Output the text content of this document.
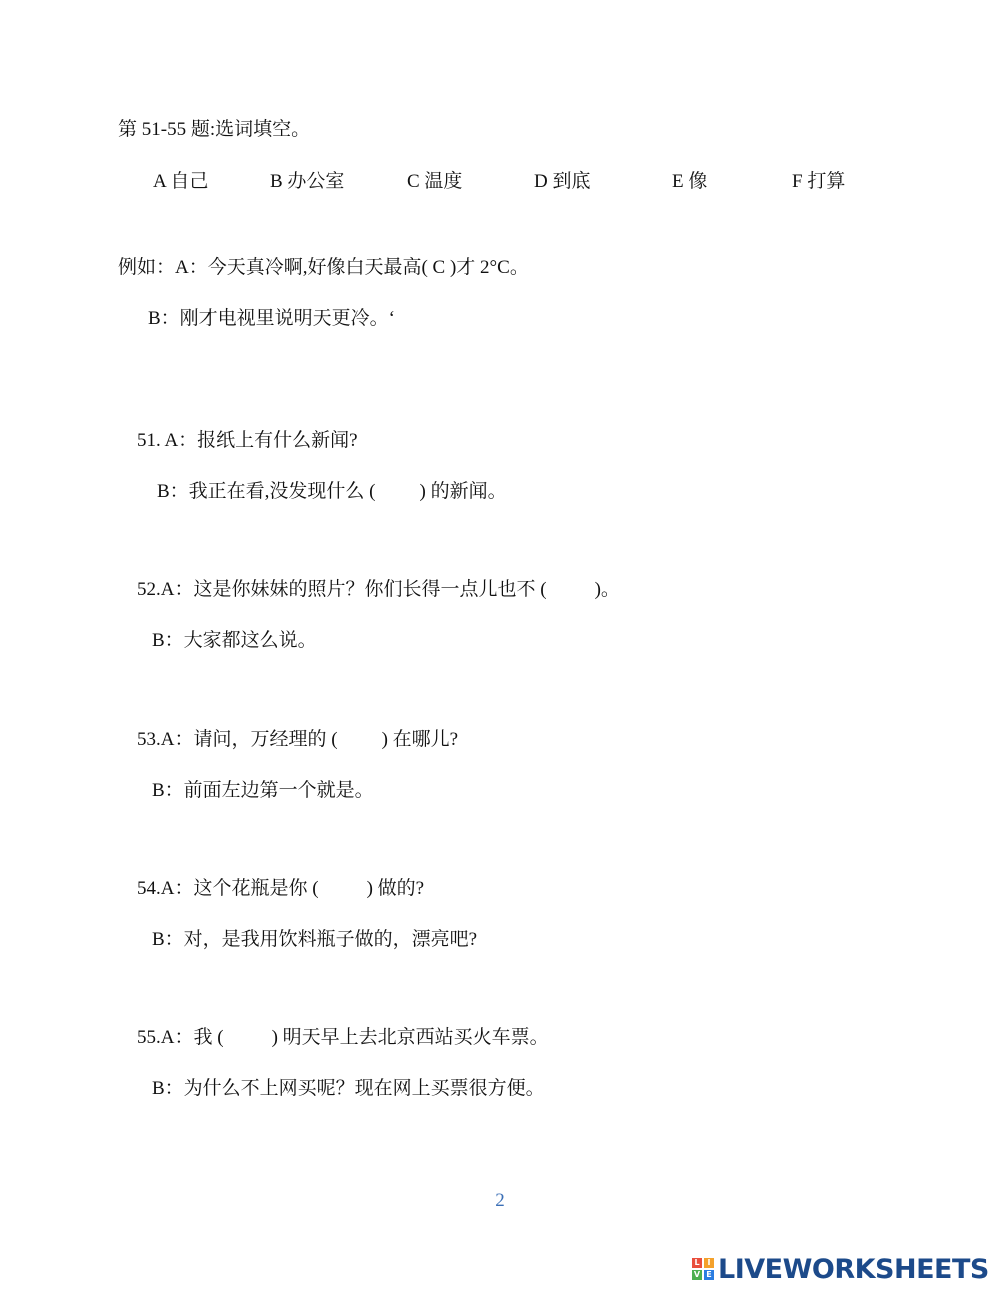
第 51-55 题:选词填空。
A 自己	B 办公室	C 温度	D 到底	E 像	F 打算
例如：A：今天真冷啊,好像白天最高( C )才 2°C。
B：刚才电视里说明天更冷。‘

51. A：报纸上有什么新闻?

B：我正在看,没发现什么 ( ) 的新闻。

52.A：这是你妹妹的照片？你们长得一点儿也不 (	)。

B：大家都这么说。

53.A：请问，万经理的 ( ) 在哪儿?

B：前面左边第一个就是。

54.A：这个花瓶是你 (	) 做的?

B：对，是我用饮料瓶子做的，漂亮吧?

55.A：我 (	) 明天早上去北京西站买火车票。

B：为什么不上网买呢？现在网上买票很方便。

2
L I
V E LIVEWORKSHEETS
